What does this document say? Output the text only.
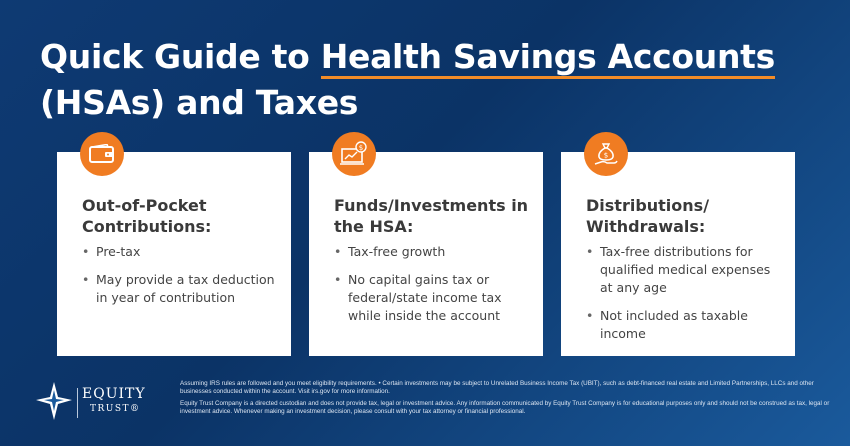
Quick Guide to Health Savings Accounts (HSAs) and Taxes
Out-of-Pocket Contributions:
• Pre-tax
• May provide a tax deduction in year of contribution
$
Funds/Investments in the HSA:
• Tax-free growth
• No capital gains tax or federal/state income tax while inside the account
$
Distributions/ Withdrawals:
• Tax-free distributions for qualified medical expenses at any age
• Not included as taxable income
EQUITY
TRUST®

Assuming IRS rules are followed and you meet eligibility requirements. • Certain investments may be subject to Unrelated Business Income Tax (UBIT), such as debt-financed real estate and Limited Partnerships, LLCs and other businesses conducted within the account. Visit irs.gov for more information.

Equity Trust Company is a directed custodian and does not provide tax, legal or investment advice. Any information communicated by Equity Trust Company is for educational purposes only and should not be construed as tax, legal or investment advice. Whenever making an investment decision, please consult with your tax attorney or financial professional.
